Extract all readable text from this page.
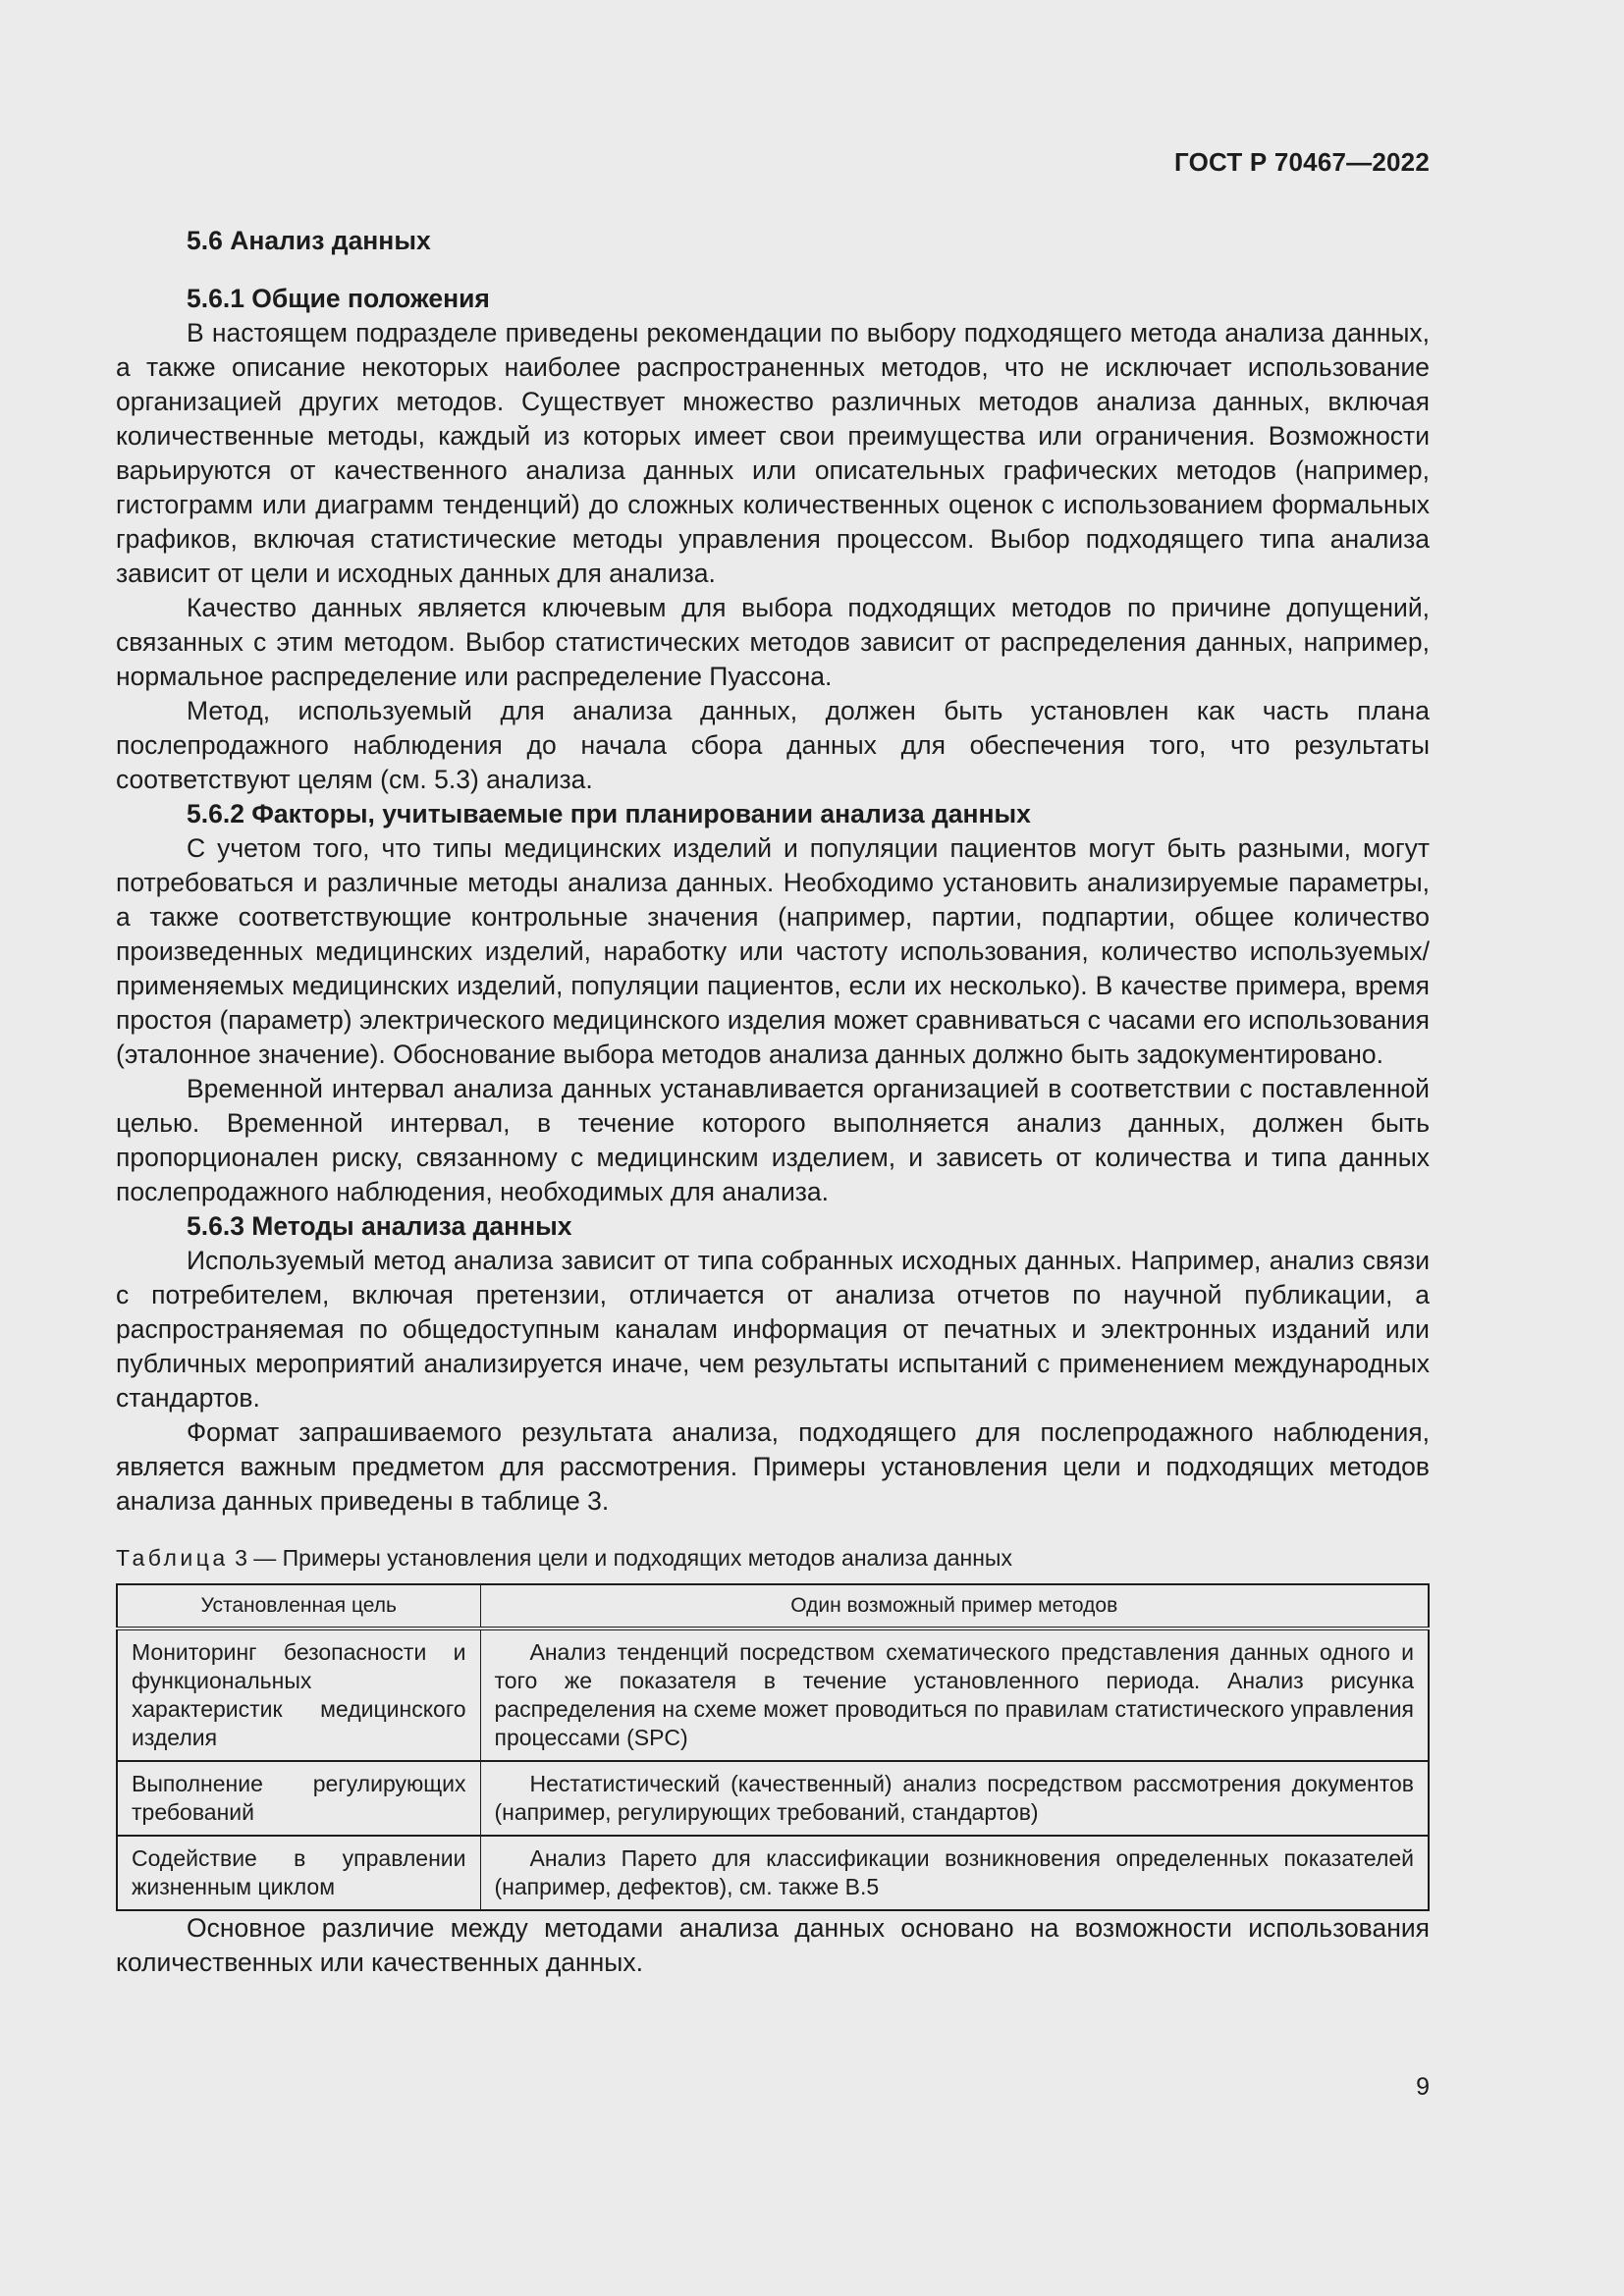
ГОСТ Р 70467—2022
5.6 Анализ данных
5.6.1 Общие положения

В настоящем подразделе приведены рекомендации по выбору подходящего метода анализа данных, а также описание некоторых наиболее распространенных методов, что не исключает использование организацией других методов. Существует множество различных методов анализа данных, включая количественные методы, каждый из которых имеет свои преимущества или ограничения. Возможности варьируются от качественного анализа данных или описательных графических методов (например, гистограмм или диаграмм тенденций) до сложных количественных оценок с использованием формальных графиков, включая статистические методы управления процессом. Выбор подходящего типа анализа зависит от цели и исходных данных для анализа.

Качество данных является ключевым для выбора подходящих методов по причине допущений, связанных с этим методом. Выбор статистических методов зависит от распределения данных, например, нормальное распределение или распределение Пуассона.

Метод, используемый для анализа данных, должен быть установлен как часть плана послепродажного наблюдения до начала сбора данных для обеспечения того, что результаты соответствуют целям (см. 5.3) анализа.

5.6.2 Факторы, учитываемые при планировании анализа данных

С учетом того, что типы медицинских изделий и популяции пациентов могут быть разными, могут потребоваться и различные методы анализа данных. Необходимо установить анализируемые параметры, а также соответствующие контрольные значения (например, партии, подпартии, общее количество произведенных медицинских изделий, наработку или частоту использования, количество используемых/применяемых медицинских изделий, популяции пациентов, если их несколько). В качестве примера, время простоя (параметр) электрического медицинского изделия может сравниваться с часами его использования (эталонное значение). Обоснование выбора методов анализа данных должно быть задокументировано.

Временной интервал анализа данных устанавливается организацией в соответствии с поставленной целью. Временной интервал, в течение которого выполняется анализ данных, должен быть пропорционален риску, связанному с медицинским изделием, и зависеть от количества и типа данных послепродажного наблюдения, необходимых для анализа.

5.6.3 Методы анализа данных

Используемый метод анализа зависит от типа собранных исходных данных. Например, анализ связи с потребителем, включая претензии, отличается от анализа отчетов по научной публикации, а распространяемая по общедоступным каналам информация от печатных и электронных изданий или публичных мероприятий анализируется иначе, чем результаты испытаний с применением международных стандартов.

Формат запрашиваемого результата анализа, подходящего для послепродажного наблюдения, является важным предметом для рассмотрения. Примеры установления цели и подходящих методов анализа данных приведены в таблице 3.

Таблица 3 — Примеры установления цели и подходящих методов анализа данных
Установленная цель	Один возможный пример методов
Мониторинг безопасности и функциональных характеристик медицинского изделия	Анализ тенденций посредством схематического представления данных одного и того же показателя в течение установленного периода. Анализ рисунка распределения на схеме может проводиться по правилам статистического управления процессами (SPC)
Выполнение регулирующих требований	Нестатистический (качественный) анализ посредством рассмотрения документов (например, регулирующих требований, стандартов)
Содействие в управлении жизненным циклом	Анализ Парето для классификации возникновения определенных показателей (например, дефектов), см. также В.5

Основное различие между методами анализа данных основано на возможности использования количественных или качественных данных.

9
